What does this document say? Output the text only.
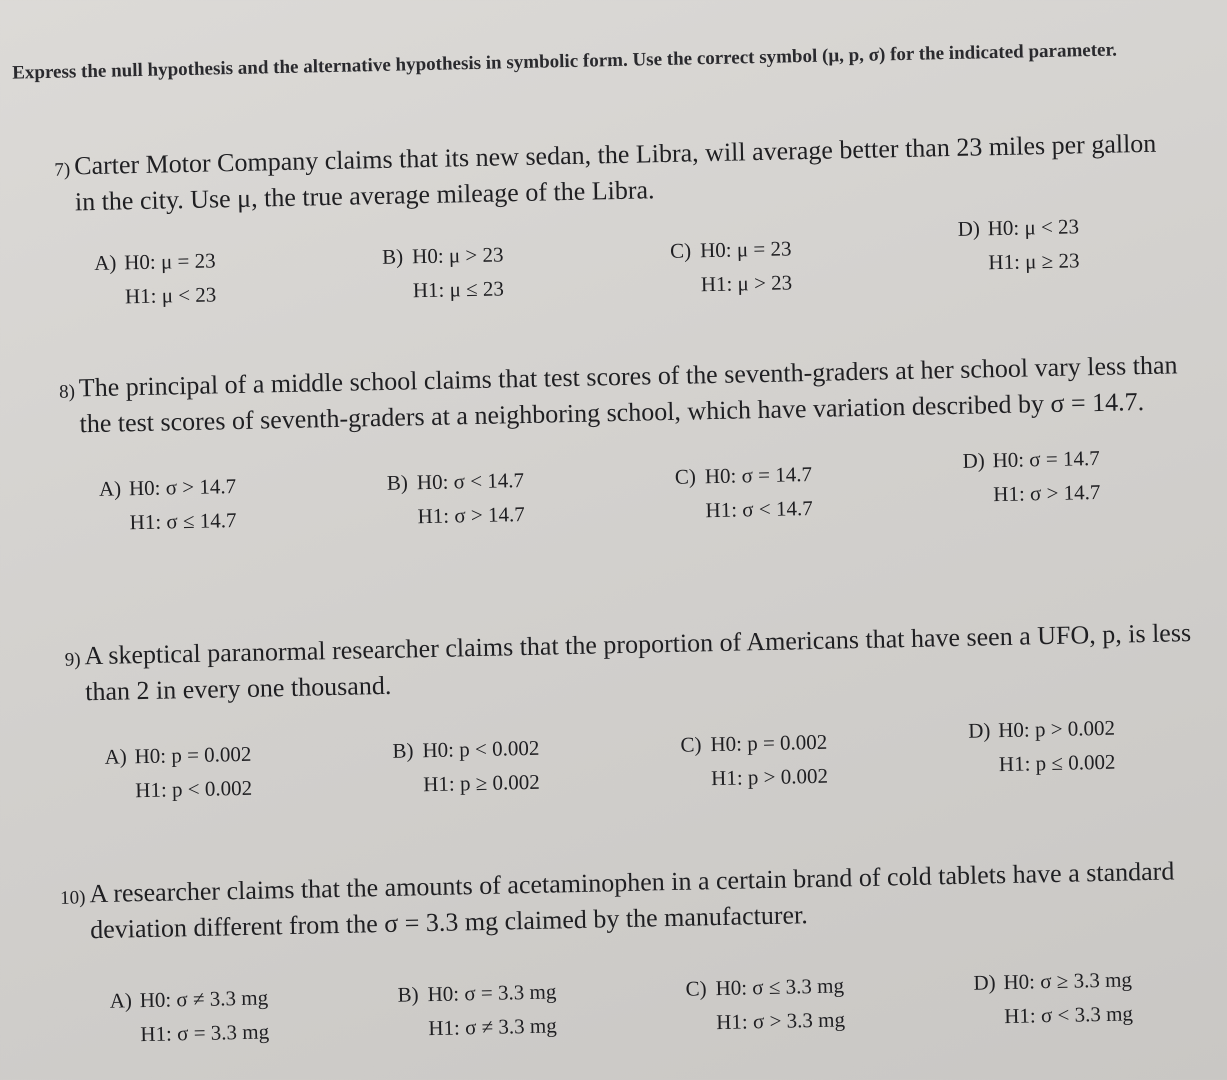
Express the null hypothesis and the alternative hypothesis in symbolic form. Use the correct symbol (μ, p, σ) for the indicated parameter.
7) Carter Motor Company claims that its new sedan, the Libra, will average better than 23 miles per gallon in the city. Use μ, the true average mileage of the Libra.
A) H0: μ = 23
H1: μ < 23
B) H0: μ > 23
H1: μ ≤ 23
C) H0: μ = 23
H1: μ > 23
D) H0: μ < 23
H1: μ ≥ 23
8) The principal of a middle school claims that test scores of the seventh-graders at her school vary less than the test scores of seventh-graders at a neighboring school, which have variation described by σ = 14.7.
A) H0: σ > 14.7
H1: σ ≤ 14.7
B) H0: σ < 14.7
H1: σ > 14.7
C) H0: σ = 14.7
H1: σ < 14.7
D) H0: σ = 14.7
H1: σ > 14.7
9) A skeptical paranormal researcher claims that the proportion of Americans that have seen a UFO, p, is less than 2 in every one thousand.
A) H0: p = 0.002
H1: p < 0.002
B) H0: p < 0.002
H1: p ≥ 0.002
C) H0: p = 0.002
H1: p > 0.002
D) H0: p > 0.002
H1: p ≤ 0.002
10) A researcher claims that the amounts of acetaminophen in a certain brand of cold tablets have a standard deviation different from the σ = 3.3 mg claimed by the manufacturer.
A) H0: σ ≠ 3.3 mg
H1: σ = 3.3 mg
B) H0: σ = 3.3 mg
H1: σ ≠ 3.3 mg
C) H0: σ ≤ 3.3 mg
H1: σ > 3.3 mg
D) H0: σ ≥ 3.3 mg
H1: σ < 3.3 mg
